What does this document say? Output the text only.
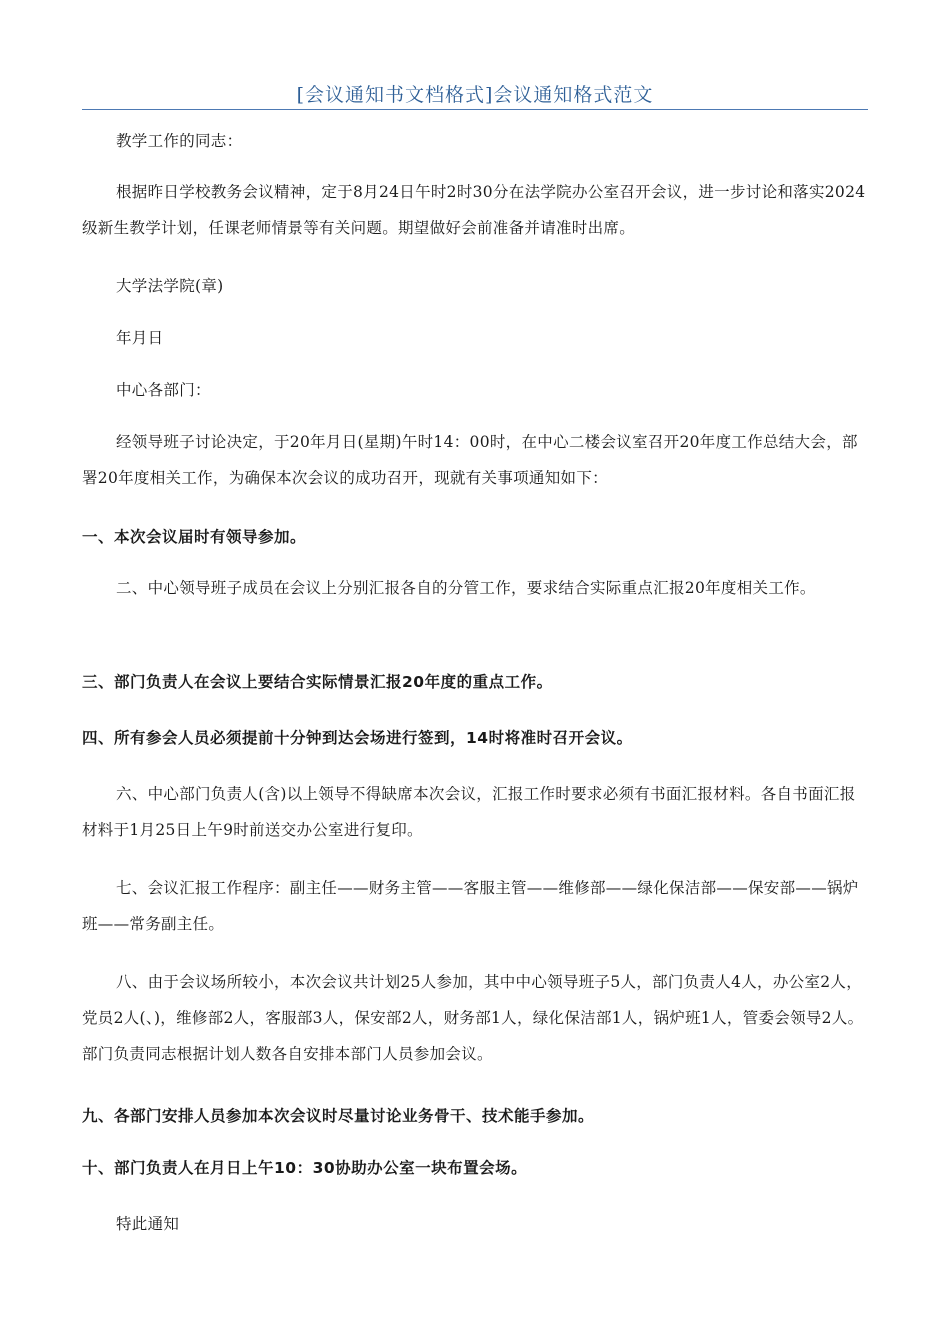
[会议通知书文档格式]会议通知格式范文

教学工作的同志：

根据昨日学校教务会议精神，定于8月24日午时2时30分在法学院办公室召开会议，进一步讨论和落实2024级新生教学计划，任课老师情景等有关问题。期望做好会前准备并请准时出席。

大学法学院(章)

年月日

中心各部门：

经领导班子讨论决定，于20年月日(星期)午时14：00时，在中心二楼会议室召开20年度工作总结大会，部署20年度相关工作，为确保本次会议的成功召开，现就有关事项通知如下：

一、本次会议届时有领导参加。

二、中心领导班子成员在会议上分别汇报各自的分管工作，要求结合实际重点汇报20年度相关工作。

三、部门负责人在会议上要结合实际情景汇报20年度的重点工作。

四、所有参会人员必须提前十分钟到达会场进行签到，14时将准时召开会议。

六、中心部门负责人(含)以上领导不得缺席本次会议，汇报工作时要求必须有书面汇报材料。各自书面汇报材料于1月25日上午9时前送交办公室进行复印。

七、会议汇报工作程序：副主任——财务主管——客服主管——维修部——绿化保洁部——保安部——锅炉班——常务副主任。

八、由于会议场所较小，本次会议共计划25人参加，其中中心领导班子5人，部门负责人4人，办公室2人，党员2人(、)，维修部2人，客服部3人，保安部2人，财务部1人，绿化保洁部1人，锅炉班1人，管委会领导2人。部门负责同志根据计划人数各自安排本部门人员参加会议。

九、各部门安排人员参加本次会议时尽量讨论业务骨干、技术能手参加。

十、部门负责人在月日上午10：30协助办公室一块布置会场。

特此通知
